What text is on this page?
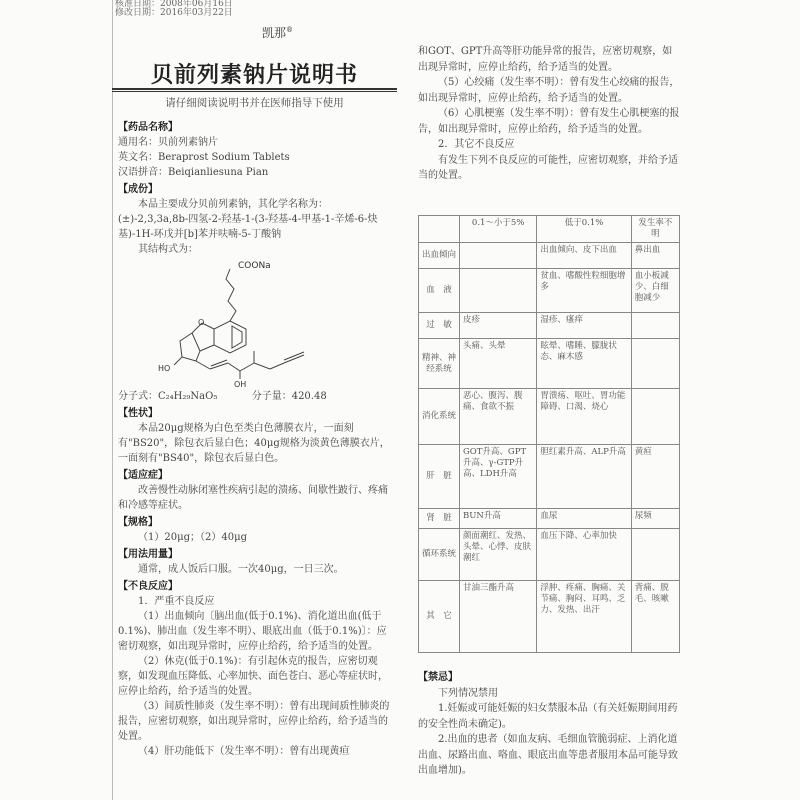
核准日期：2008年06月16日
修改日期：2016年03月22日
凯那®
贝前列素钠片说明书
请仔细阅读说明书并在医师指导下使用

【药品名称】

通用名：贝前列素钠片

英文名：Beraprost Sodium Tablets

汉语拼音：Beiqianliesuna Pian

【成份】

本品主要成分贝前列素钠，其化学名称为：(±)-2,3,3a,8b-四氢-2-羟基-1-(3-羟基-4-甲基-1-辛烯-6-炔基)-1H-环戊并[b]苯并呋喃-5-丁酸钠

其结构式为：

COONa
O
HO
OH

分子式：C₂₄H₂₉NaO₅	分子量：420.48

【性状】

本品20μg规格为白色至类白色薄膜衣片，一面刻有"BS20"，除包衣后显白色；40μg规格为淡黄色薄膜衣片，一面刻有"BS40"，除包衣后显白色。

【适应症】

改善慢性动脉闭塞性疾病引起的溃疡、间歇性跛行、疼痛和冷感等症状。

【规格】

（1）20μg；（2）40μg

【用法用量】

通常，成人饭后口服。一次40μg，一日三次。

【不良反应】

1．严重不良反应

（1）出血倾向〔脑出血(低于0.1%)、消化道出血(低于0.1%)、肺出血（发生率不明）、眼底出血（低于0.1%)〕：应密切观察，如出现异常时，应停止给药，给予适当的处置。

（2）休克(低于0.1%)：有引起休克的报告，应密切观察，如发现血压降低、心率加快、面色苍白、恶心等症状时，应停止给药，给予适当的处置。

（3）间质性肺炎（发生率不明）：曾有出现间质性肺炎的报告，应密切观察，如出现异常时，应停止给药，给予适当的处置。

（4）肝功能低下（发生率不明）：曾有出现黄疸

和GOT、GPT升高等肝功能异常的报告，应密切观察，如出现异常时，应停止给药，给予适当的处置。

（5）心绞痛（发生率不明）：曾有发生心绞痛的报告，如出现异常时，应停止给药，给予适当的处置。

（6）心肌梗塞（发生率不明）：曾有发生心肌梗塞的报告，如出现异常时，应停止给药，给予适当的处置。

2．其它不良反应

有发生下列不良反应的可能性，应密切观察，并给予适当的处置。

	0.1～小于5%	低于0.1%	发生率不明
出血倾向		出血倾向、皮下出血	鼻出血
血　液		贫血、嗜酸性粒细胞增多	血小板减少、白细胞减少
过　敏	皮疹	湿疹、瘙痒	
精神、神经系统	头痛、头晕	眩晕、嗜睡、朦胧状态、麻木感	
消化系统	恶心、腹泻、腹痛、食欲不振	胃溃疡、呕吐、胃功能障碍、口渴、烧心	
肝　脏	GOT升高、GPT升高、γ-GTP升高、LDH升高	胆红素升高、ALP升高	黄疸
肾　脏	BUN升高	血尿	尿频
循环系统	颜面潮红、发热、头晕、心悸、皮肤潮红	血压下降、心率加快	
其　它	甘油三酯升高	浮肿、疼痛、胸痛、关节痛、胸闷、耳鸣、乏力、发热、出汗	背痛、脱毛、咳嗽

【禁忌】

下列情况禁用

1.妊娠或可能妊娠的妇女禁服本品（有关妊娠期间用药的安全性尚未确定)。

2.出血的患者（如血友病、毛细血管脆弱症、上消化道出血、尿路出血、咯血、眼底出血等患者服用本品可能导致出血增加)。
